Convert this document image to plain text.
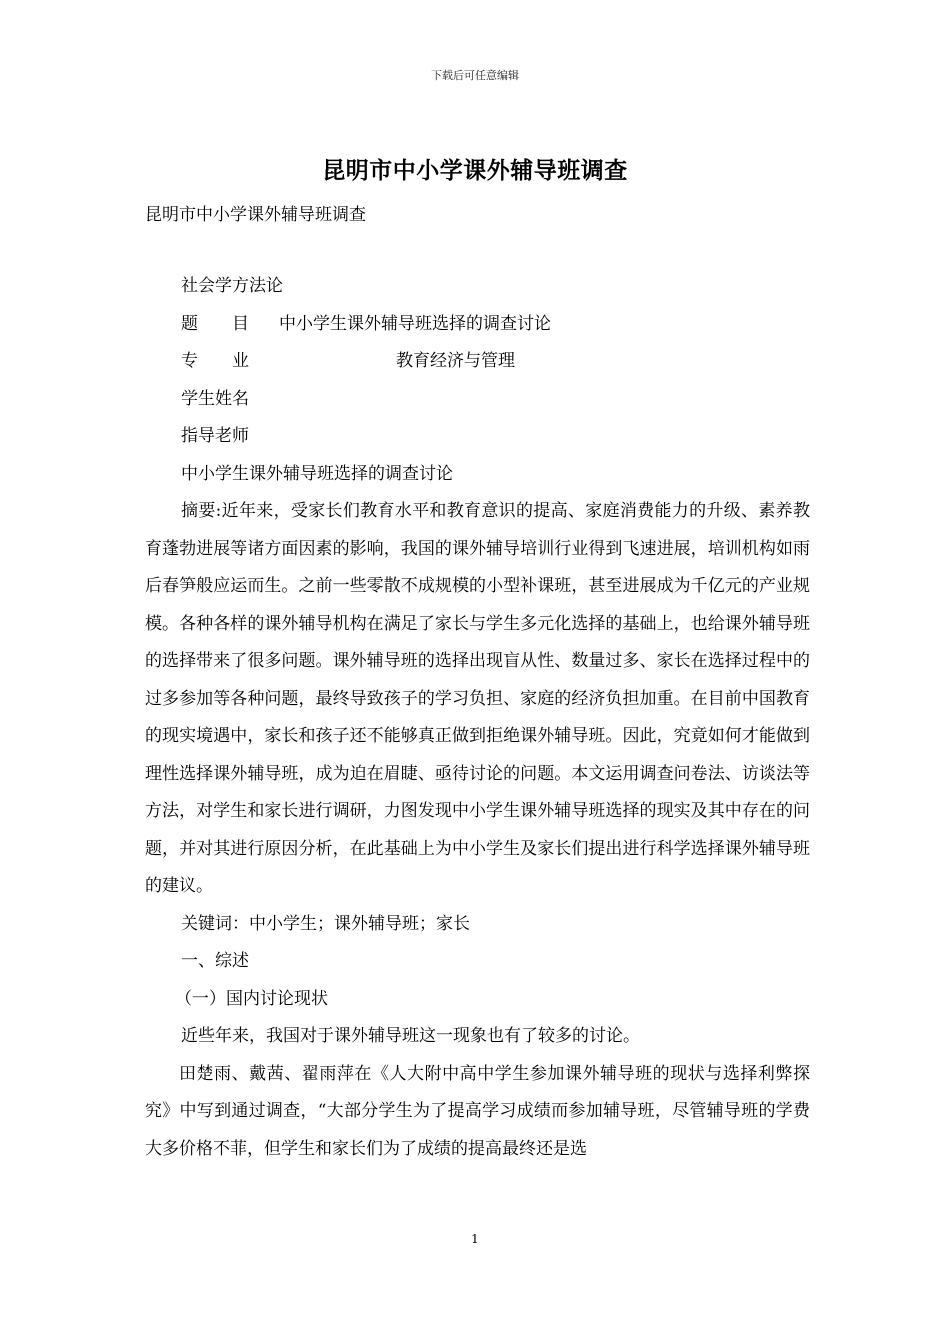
下载后可任意编辑
昆明市中小学课外辅导班调查
昆明市中小学课外辅导班调查

社会学方法论

题　　目 中小学生课外辅导班选择的调查讨论

专　　业	教育经济与管理

学生姓名

指导老师

中小学生课外辅导班选择的调查讨论

摘要:近年来，受家长们教育水平和教育意识的提高、家庭消费能力的升级、素养教育蓬勃进展等诸方面因素的影响，我国的课外辅导培训行业得到飞速进展，培训机构如雨后春笋般应运而生。之前一些零散不成规模的小型补课班，甚至进展成为千亿元的产业规模。各种各样的课外辅导机构在满足了家长与学生多元化选择的基础上，也给课外辅导班的选择带来了很多问题。课外辅导班的选择出现盲从性、数量过多、家长在选择过程中的过多参加等各种问题，最终导致孩子的学习负担、家庭的经济负担加重。在目前中国教育的现实境遇中，家长和孩子还不能够真正做到拒绝课外辅导班。因此，究竟如何才能做到理性选择课外辅导班，成为迫在眉睫、亟待讨论的问题。本文运用调查问卷法、访谈法等方法，对学生和家长进行调研，力图发现中小学生课外辅导班选择的现实及其中存在的问题，并对其进行原因分析，在此基础上为中小学生及家长们提出进行科学选择课外辅导班的建议。

关键词：中小学生；课外辅导班；家长

一、综述

（一）国内讨论现状

近些年来，我国对于课外辅导班这一现象也有了较多的讨论。

田楚雨、戴茜、翟雨萍在《人大附中高中学生参加课外辅导班的现状与选择利弊探究》中写到通过调查，“大部分学生为了提高学习成绩而参加辅导班，尽管辅导班的学费大多价格不菲，但学生和家长们为了成绩的提高最终还是选

1
